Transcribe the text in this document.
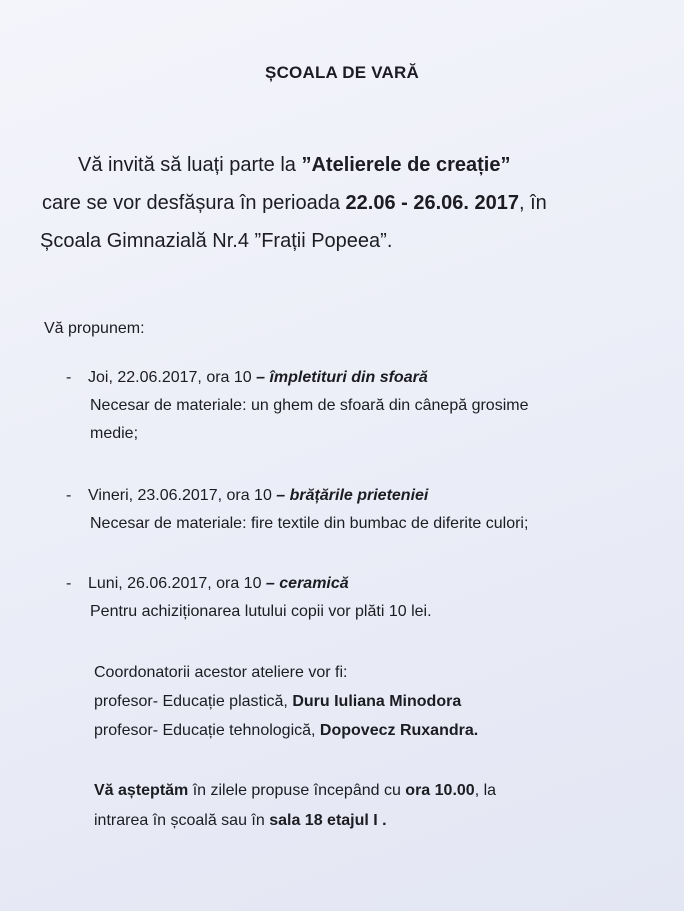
ȘCOALA DE VARĂ
Vă invită să luați parte la ”Atelierele de creație”
care se vor desfășura în perioada 22.06 - 26.06. 2017, în
Școala Gimnazială Nr.4 ”Frații Popeea”.
Vă propunem:
- Joi, 22.06.2017, ora 10 – împletituri din sfoară
Necesar de materiale: un ghem de sfoară din cânepă grosime
medie;
- Vineri, 23.06.2017, ora 10 – brățările prieteniei
Necesar de materiale: fire textile din bumbac de diferite culori;
- Luni, 26.06.2017, ora 10 – ceramică
Pentru achiziționarea lutului copii vor plăti 10 lei.
Coordonatorii acestor ateliere vor fi:
profesor- Educație plastică, Duru Iuliana Minodora
profesor- Educație tehnologică, Dopovecz Ruxandra.
Vă așteptăm în zilele propuse începând cu ora 10.00, la
intrarea în școală sau în sala 18 etajul I .
